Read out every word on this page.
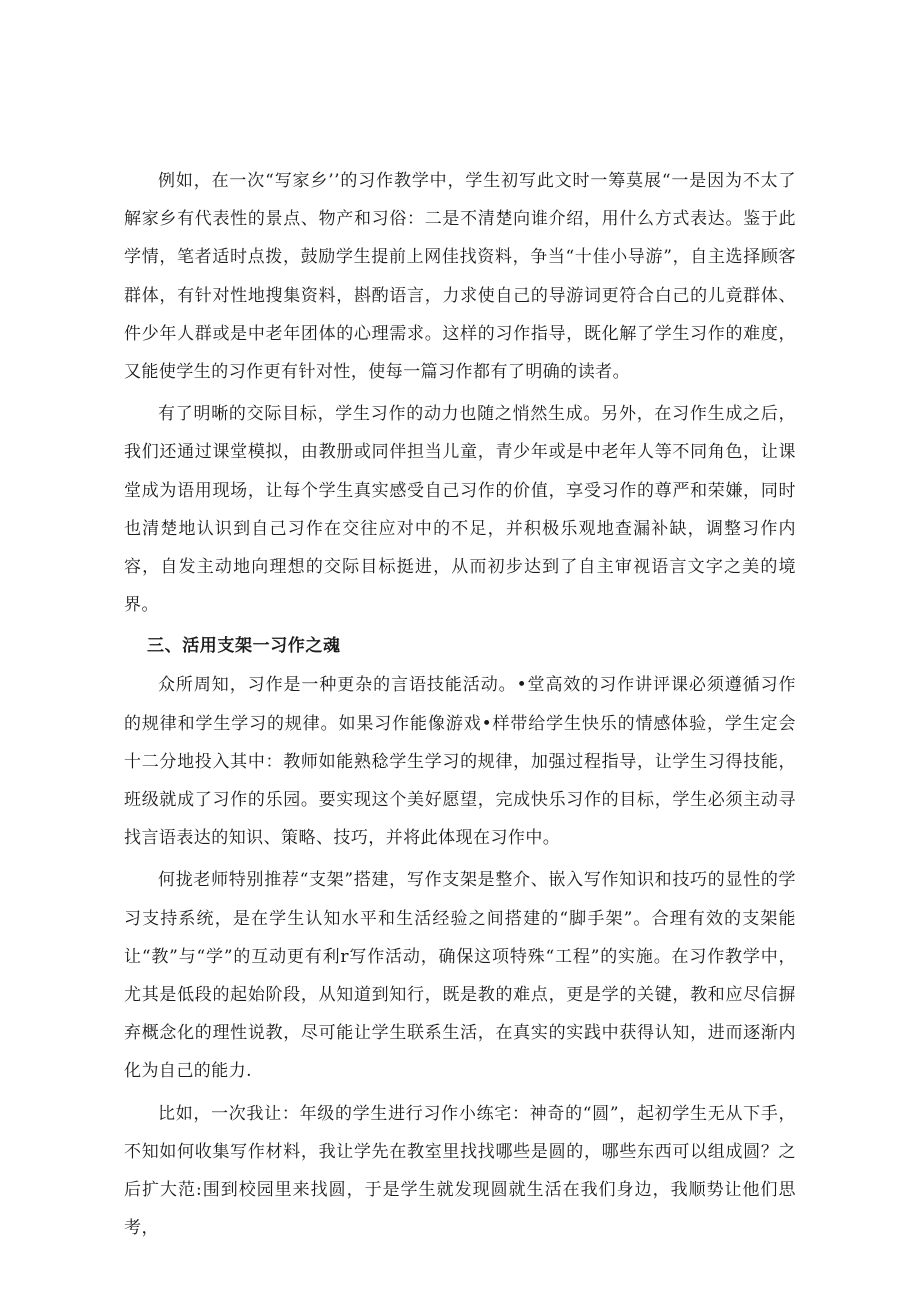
例如，在一次“写家乡’’的习作教学中，学生初写此文时一筹莫展“一是因为不太了解家乡有代表性的景点、物产和习俗：二是不清楚向谁介绍，用什么方式表达。鉴于此学情，笔者适时点拨，鼓励学生提前上网佳找资料，争当“十佳小导游”，自主选择顾客群体，有针对性地搜集资料，斟酌语言，力求使自己的导游词更符合白己的儿竟群体、件少年人群或是中老年团体的心理需求。这样的习作指导，既化解了学生习作的难度，又能使学生的习作更有针对性，使每一篇习作都有了明确的读者。

有了明晰的交际目标，学生习作的动力也随之悄然生成。另外，在习作生成之后，我们还通过课堂模拟，由教册或同伴担当儿童，青少年或是中老年人等不同角色，让课堂成为语用现场，让每个学生真实感受自己习作的价值，享受习作的尊严和荣嫌，同时也清楚地认识到自己习作在交往应对中的不足，并积极乐观地查漏补缺，调整习作内容，自发主动地向理想的交际目标挺进，从而初步达到了自主审视语言文字之美的境界。

三、活用支架一习作之魂

众所周知，习作是一种更杂的言语技能活动。•堂高效的习作讲评课必须遵循习作的规律和学生学习的规律。如果习作能像游戏•样带给学生快乐的情感体验，学生定会十二分地投入其中：教师如能熟稔学生学习的规律，加强过程指导，让学生习得技能，班级就成了习作的乐园。要实现这个美好愿望，完成快乐习作的目标，学生必须主动寻找言语表达的知识、策略、技巧，并将此体现在习作中。

何拢老师特别推荐“支架”搭建，写作支架是整介、嵌入写作知识和技巧的显性的学习支持系统，是在学生认知水平和生活经验之间搭建的“脚手架”。合理有效的支架能让“教”与“学”的互动更有利r写作活动，确保这项特殊“工程”的实施。在习作教学中，尤其是低段的起始阶段，从知道到知行，既是教的难点，更是学的关键，教和应尽信摒弃概念化的理性说教，尽可能让学生联系生活，在真实的实践中获得认知，进而逐渐内化为自己的能力.

比如，一次我让：年级的学生进行习作小练宅：神奇的“圆”，起初学生无从下手，不知如何收集写作材料，我让学先在教室里找找哪些是圆的，哪些东西可以组成圆？之后扩大范:围到校园里来找圆，于是学生就发现圆就生活在我们身边，我顺势让他们思考，
